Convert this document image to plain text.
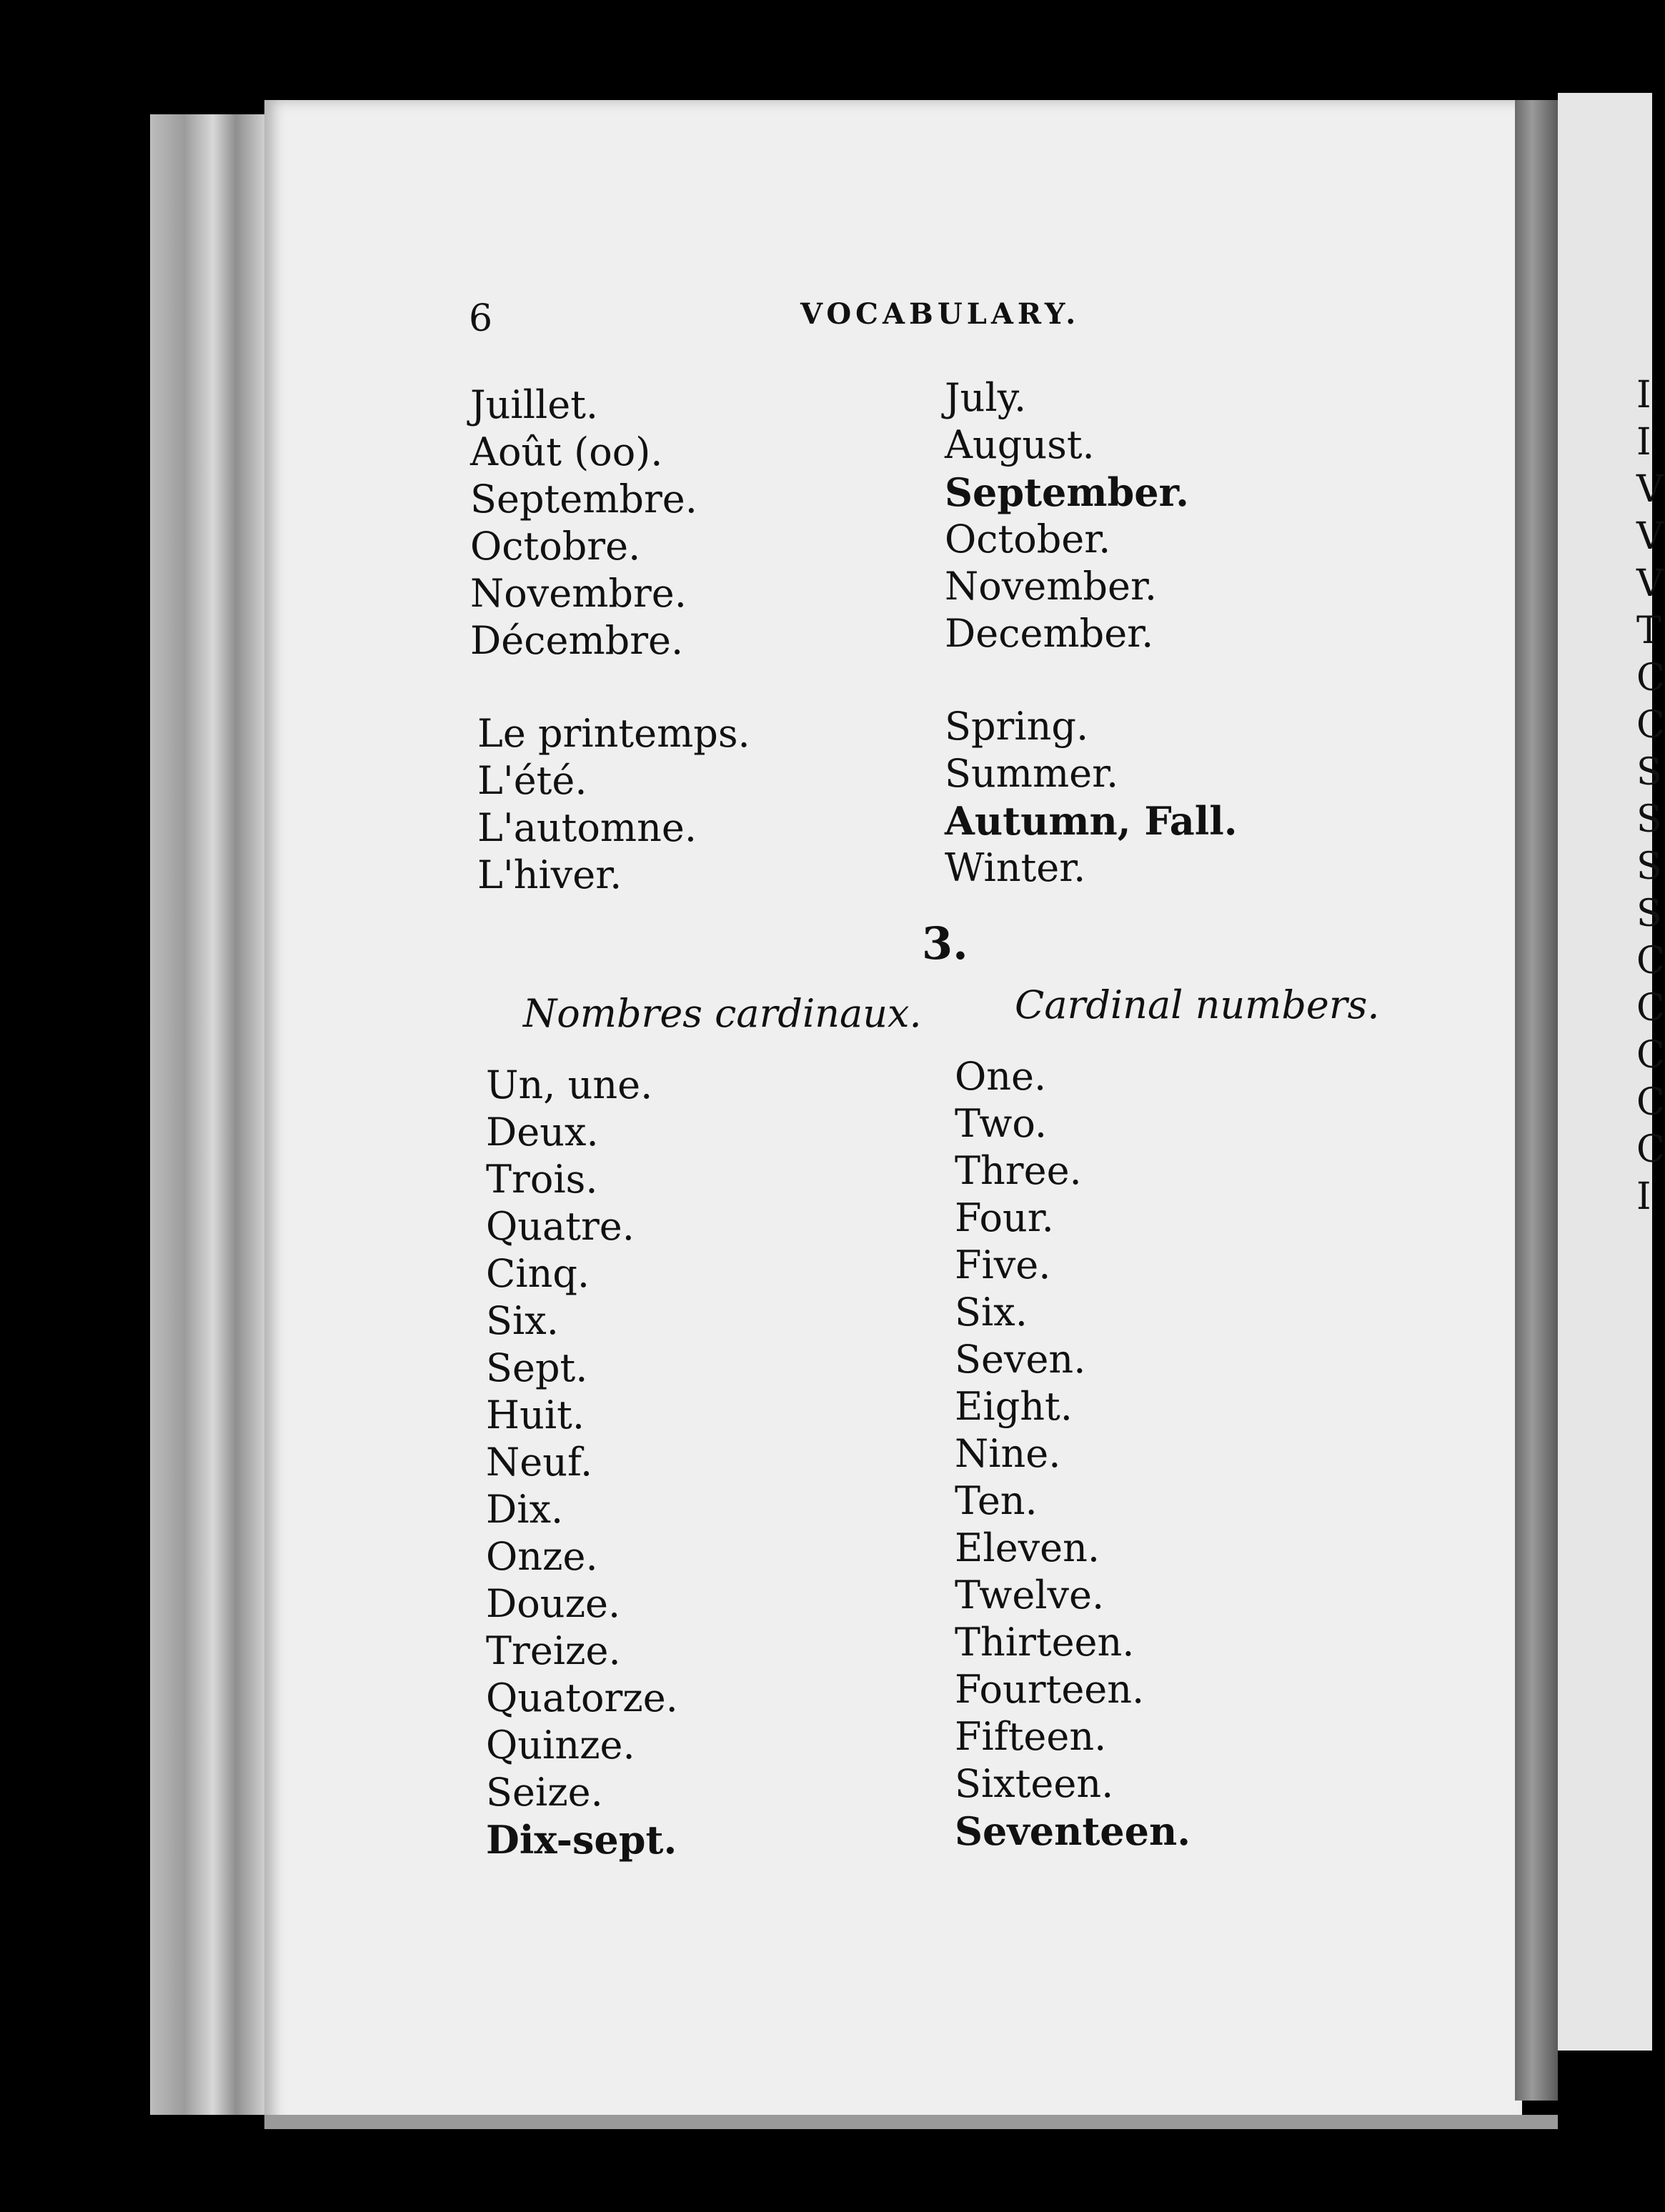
I
I
V
V
V
T
C
C
S
S
S
S
C
C
C
C
C
I
6	VOCABULARY.
Juillet.
Août (oo).
Septembre.
Octobre.
Novembre.
Décembre.
July.
August.
September.
October.
November.
December.
Le printemps.
L'été.
L'automne.
L'hiver.
Spring.
Summer.
Autumn, Fall.
Winter.
3.
Nombres cardinaux. Cardinal numbers.
Un, une.
Deux.
Trois.
Quatre.
Cinq.
Six.
Sept.
Huit.
Neuf.
Dix.
Onze.
Douze.
Treize.
Quatorze.
Quinze.
Seize.
Dix-sept.
One.
Two.
Three.
Four.
Five.
Six.
Seven.
Eight.
Nine.
Ten.
Eleven.
Twelve.
Thirteen.
Fourteen.
Fifteen.
Sixteen.
Seventeen.
